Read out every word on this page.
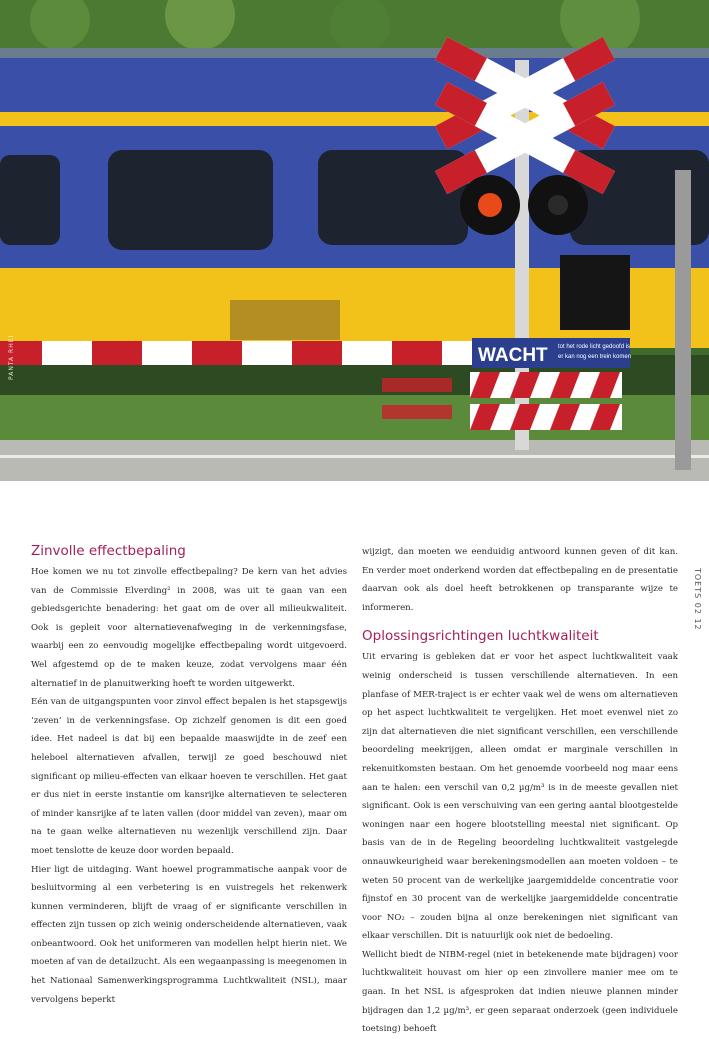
WACHT tot het rode licht gedoofd is
er kan nog een trein komen
PANTA RHEI
TOETS 02 12
Zinvolle effectbepaling

Hoe komen we nu tot zinvolle effectbepaling? De kern van het advies van de Commissie Elverding² in 2008, was uit te gaan van een gebiedsgerichte benadering: het gaat om de over all milieukwaliteit. Ook is gepleit voor alternatievenafweging in de verkenningsfase, waarbij een zo eenvoudig mogelijke effectbepaling wordt uitgevoerd. Wel afgestemd op de te maken keuze, zodat vervolgens maar één alternatief in de planuitwerking hoeft te worden uitgewerkt.

Eén van de uitgangspunten voor zinvol effect bepalen is het stapsgewijs ‘zeven’ in de verkenningsfase. Op zichzelf genomen is dit een goed idee. Het nadeel is dat bij een bepaalde maaswijdte in de zeef een heleboel alternatieven afvallen, terwijl ze goed beschouwd niet significant op milieu-effecten van elkaar hoeven te verschillen. Het gaat er dus niet in eerste instantie om kansrijke alternatieven te selecteren of minder kansrijke af te laten vallen (door middel van zeven), maar om na te gaan welke alternatieven nu wezenlijk verschillend zijn. Daar moet tenslotte de keuze door worden bepaald.

Hier ligt de uitdaging. Want hoewel programmatische aanpak voor de besluitvorming al een verbetering is en vuistregels het rekenwerk kunnen verminderen, blijft de vraag of er significante verschillen in effecten zijn tussen op zich weinig onderscheidende alternatieven, vaak onbeantwoord. Ook het uniformeren van modellen helpt hierin niet. We moeten af van de detailzucht. Als een wegaanpassing is meegenomen in het Nationaal Samenwerkingsprogramma Luchtkwaliteit (NSL), maar vervolgens beperkt

wijzigt, dan moeten we eenduidig antwoord kunnen geven of dit kan. En verder moet onderkend worden dat effectbepaling en de presentatie daarvan ook als doel heeft betrokkenen op transparante wijze te informeren.

Oplossingsrichtingen luchtkwaliteit

Uit ervaring is gebleken dat er voor het aspect luchtkwaliteit vaak weinig onderscheid is tussen verschillende alternatieven. In een planfase of MER-traject is er echter vaak wel de wens om alternatieven op het aspect luchtkwaliteit te vergelijken. Het moet evenwel niet zo zijn dat alternatieven die niet significant verschillen, een verschillende beoordeling meekrijgen, alleen omdat er marginale verschillen in rekenuitkomsten bestaan. Om het genoemde voorbeeld nog maar eens aan te halen: een verschil van 0,2 µg/m³ is in de meeste gevallen niet significant. Ook is een verschuiving van een gering aantal blootgestelde woningen naar een hogere blootstelling meestal niet significant. Op basis van de in de Regeling beoordeling luchtkwaliteit vastgelegde onnauwkeurigheid waar berekeningsmodellen aan moeten voldoen – te weten 50 procent van de werkelijke jaargemiddelde concentratie voor fijnstof en 30 procent van de werkelijke jaargemiddelde concentratie voor NO₂ – zouden bijna al onze berekeningen niet significant van elkaar verschillen. Dit is natuurlijk ook niet de bedoeling.

Wellicht biedt de NIBM-regel (niet in betekenende mate bijdragen) voor luchtkwaliteit houvast om hier op een zinvollere manier mee om te gaan. In het NSL is afgesproken dat indien nieuwe plannen minder bijdragen dan 1,2 µg/m³, er geen separaat onderzoek (geen individuele toetsing) behoeft
